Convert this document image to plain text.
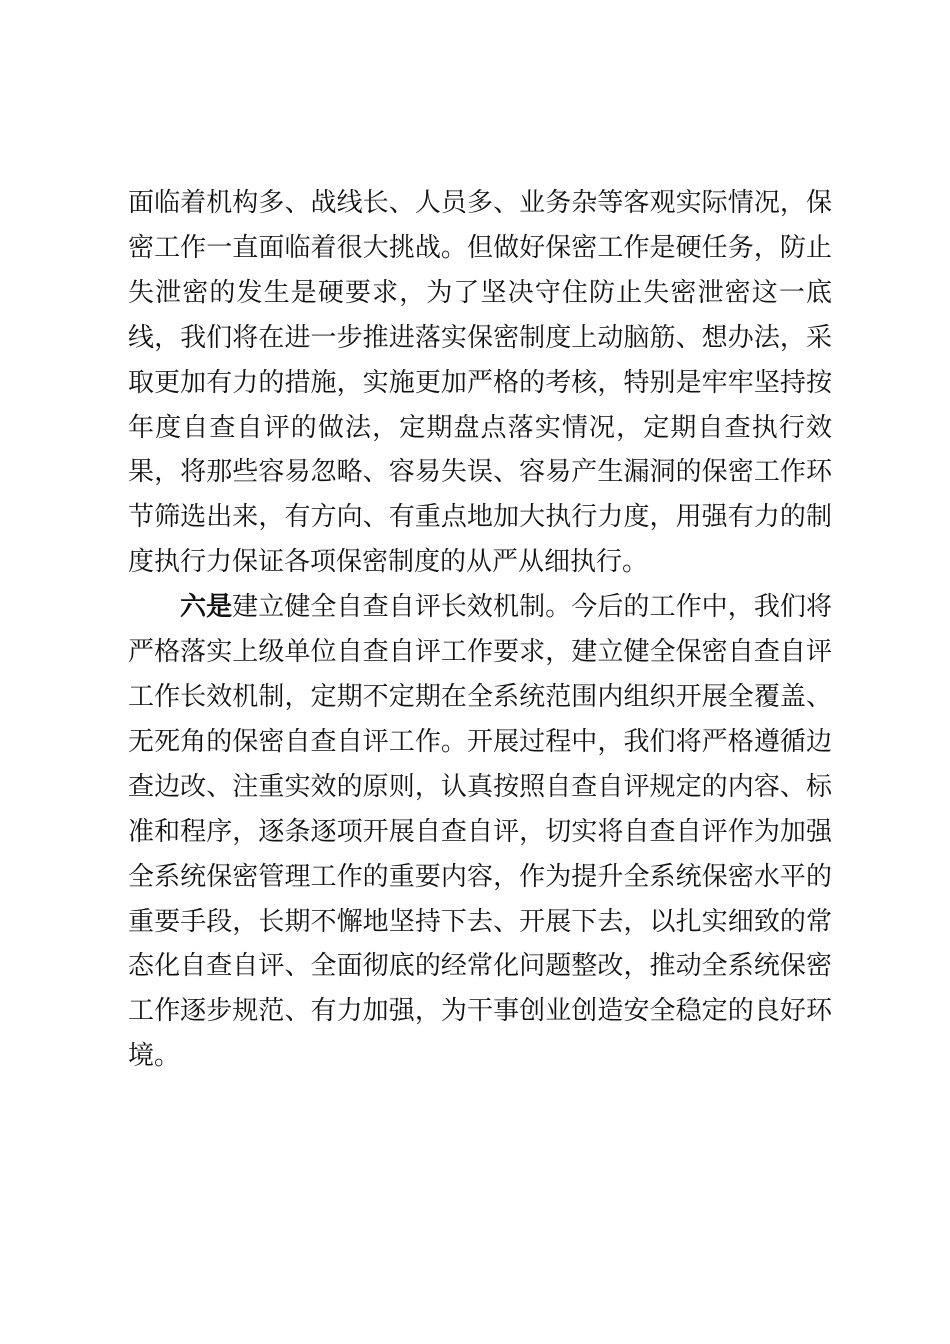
面临着机构多、战线长、人员多、业务杂等客观实际情况，保密工作一直面临着很大挑战。但做好保密工作是硬任务，防止失泄密的发生是硬要求，为了坚决守住防止失密泄密这一底线，我们将在进一步推进落实保密制度上动脑筋、想办法，采取更加有力的措施，实施更加严格的考核，特别是牢牢坚持按年度自查自评的做法，定期盘点落实情况，定期自查执行效果，将那些容易忽略、容易失误、容易产生漏洞的保密工作环节筛选出来，有方向、有重点地加大执行力度，用强有力的制度执行力保证各项保密制度的从严从细执行。

六是建立健全自查自评长效机制。今后的工作中，我们将严格落实上级单位自查自评工作要求，建立健全保密自查自评工作长效机制，定期不定期在全系统范围内组织开展全覆盖、无死角的保密自查自评工作。开展过程中，我们将严格遵循边查边改、注重实效的原则，认真按照自查自评规定的内容、标准和程序，逐条逐项开展自查自评，切实将自查自评作为加强全系统保密管理工作的重要内容，作为提升全系统保密水平的重要手段，长期不懈地坚持下去、开展下去，以扎实细致的常态化自查自评、全面彻底的经常化问题整改，推动全系统保密工作逐步规范、有力加强，为干事创业创造安全稳定的良好环境。
